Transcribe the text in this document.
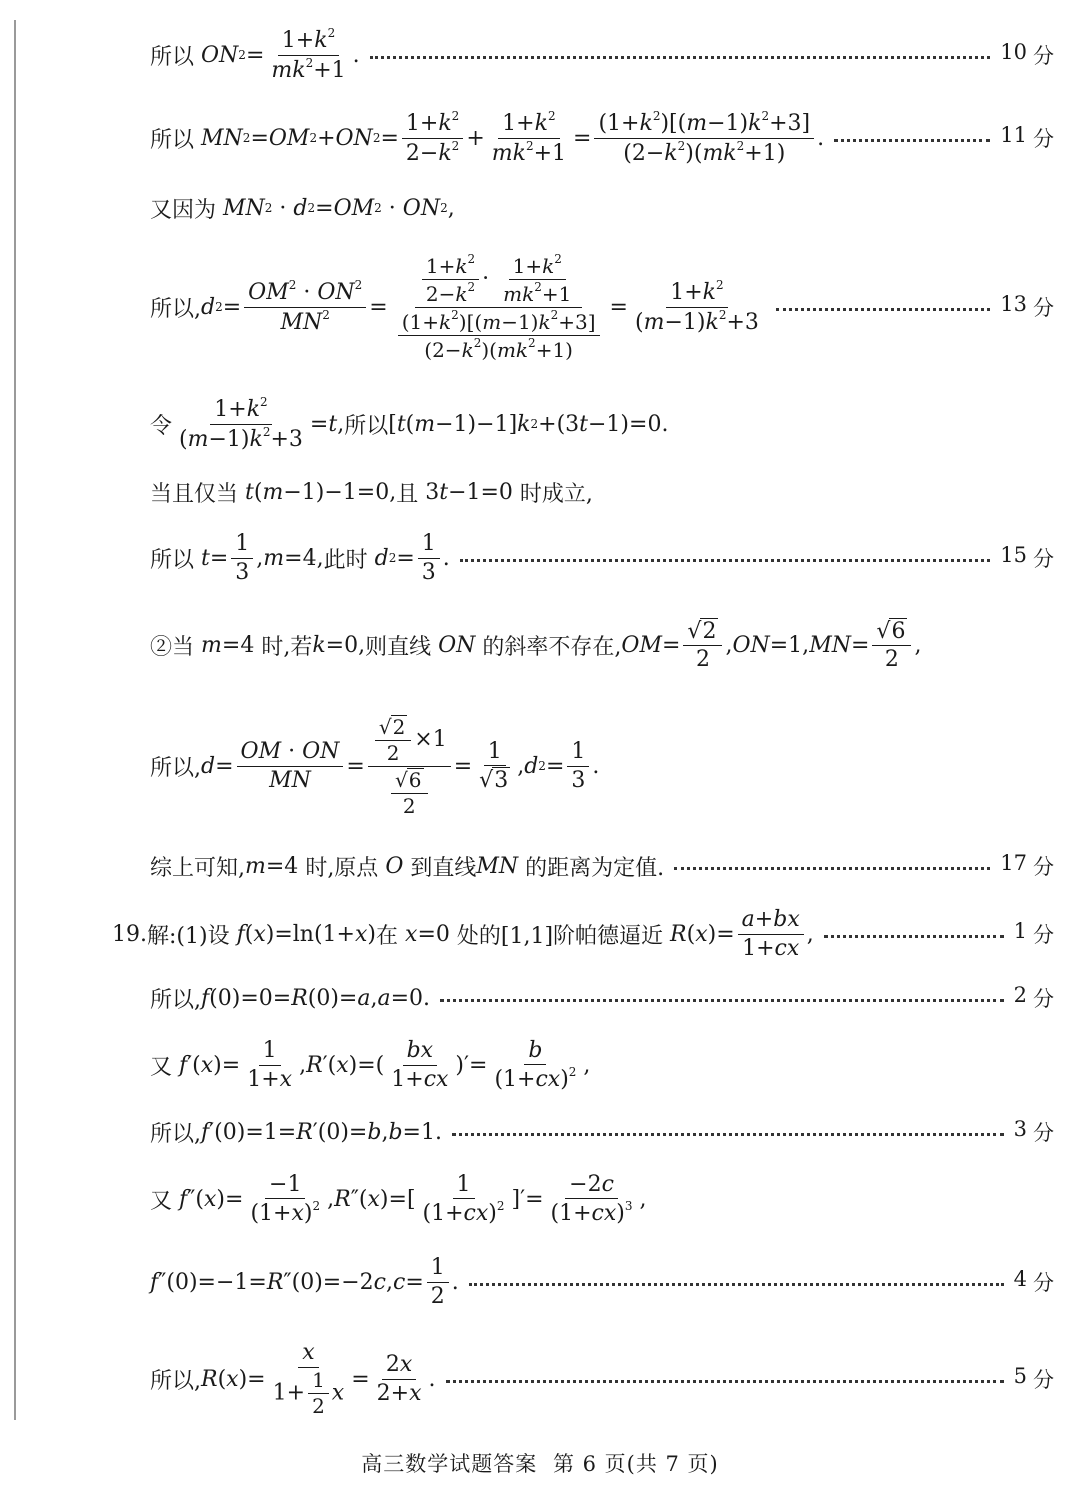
所以 ON $2 = \frac{1+k^2}{mk^2+1}$ .	10 分
所以 MN 2 = OM 2 + ON $2 = \frac{1+k^2}{2-k^2} + \frac{1+k^2}{mk^2+1} = \frac{(1+k^2)[(m-1)k^2+3]}{(2-k^2)(mk^2+1)}$ .	11 分
又因为 MN 2 · d 2 = OM 2 · ON 2 ,
所以, d $2 = \frac{OM^2 \cdot ON^2}{MN^2} = \frac{\frac{1+k^2}{2-k^2} \cdot \frac{1+k^2}{mk^2+1}}{\frac{(1+k^2)[(m-1)k^2+3]}{(2-k^2)(mk^2+1)}} = \frac{1+k^2}{(m-1)k^2+3}$	13 分
令 $\frac{1+k^2}{(m-1)k^2+3} = t$ , 所以 [ t ( m −1)−1] k 2 +(3 t −1)=0.
当且仅当
t ( m −1)−1=0, 且 3 t −1=0 时成立,
所以
$t = \frac{1}{3}$ , m =4, 此时
d $2 = \frac{1}{3}$ .	15 分
②当
m =4 时,若 k =0, 则直线
ON
的斜率不存在, OM = $\frac{√ 2}{2}$ , ON =1, MN = $\frac{√ 6}{2}$ ,
所以, $d = \frac{OM \cdot ON}{MN} = \frac{\frac{√ 2}{2} \times 1}{\frac{√ 6}{2}} = \frac{1}{√ 3}$ , d $2 = \frac{1}{3}$ .
综上可知, m =4 时,原点
O
到直线 MN
的距离为定值.	17 分
19. 解:(1)设
f ( x )=ln(1+ x ) 在
x =0 处的[1,1]阶帕德逼近
R ( x )= $\frac{a+bx}{1+cx}$ ,	1 分
所以, f (0)=0= R (0)= a , a =0.	2 分
又
f ′( x )= $\frac{1}{1+x}$ , R ′( x )=( $\frac{bx}{1+cx}$ )′= $\frac{b}{(1+cx)^2}$ ,
所以, f ′(0)=1= R ′(0)= b , b =1.	3 分
又
f ″( x )= $\frac{-1}{(1+x)^2}$ , R ″( x )=[ $\frac{1}{(1+cx)^2}$ ]′= $\frac{-2c}{(1+cx)^3}$ ,
f ″(0)=−1= R ″(0)=−2 c , $c = \frac{1}{2}$ .	4 分
所以, R ( x )= $\frac{x}{1+ \frac{1}{2} x} = \frac{2x}{2+x}$ .	5 分
高三数学试题答案 第 6 页(共 7 页)
